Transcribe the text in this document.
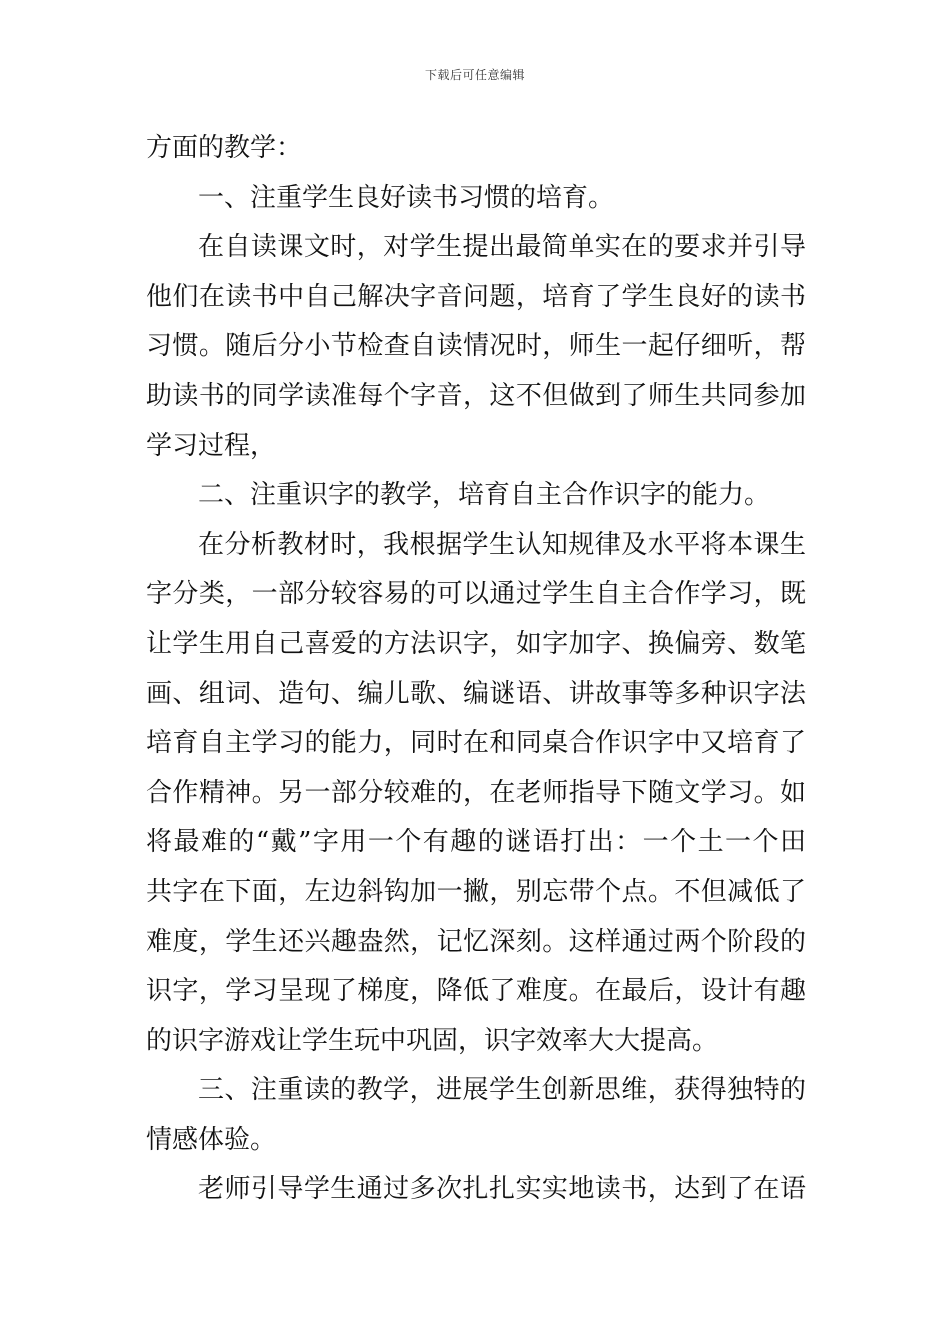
下载后可任意编辑
方面的教学：
一、注重学生良好读书习惯的培育。
在自读课文时，对学生提出最简单实在的要求并引导
他们在读书中自己解决字音问题，培育了学生良好的读书
习惯。随后分小节检查自读情况时，师生一起仔细听，帮
助读书的同学读准每个字音，这不但做到了师生共同参加
学习过程，
二、注重识字的教学，培育自主合作识字的能力。
在分析教材时，我根据学生认知规律及水平将本课生
字分类，一部分较容易的可以通过学生自主合作学习，既
让学生用自己喜爱的方法识字，如字加字、换偏旁、数笔
画、组词、造句、编儿歌、编谜语、讲故事等多种识字法
培育自主学习的能力，同时在和同桌合作识字中又培育了
合作精神。另一部分较难的，在老师指导下随文学习。如
将最难的“戴”字用一个有趣的谜语打出：一个土一个田
共字在下面，左边斜钩加一撇，别忘带个点。不但减低了
难度，学生还兴趣盎然，记忆深刻。这样通过两个阶段的
识字，学习呈现了梯度，降低了难度。在最后，设计有趣
的识字游戏让学生玩中巩固，识字效率大大提高。
三、注重读的教学，进展学生创新思维，获得独特的
情感体验。
老师引导学生通过多次扎扎实实地读书，达到了在语
